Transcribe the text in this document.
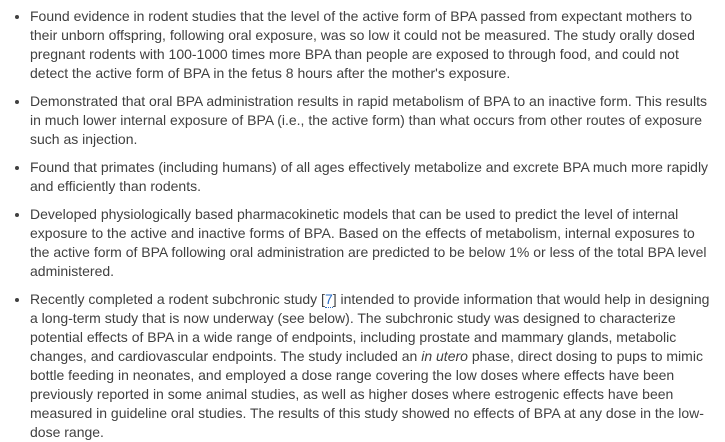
• Found evidence in rodent studies that the level of the active form of BPA passed from expectant mothers to their unborn offspring, following oral exposure, was so low it could not be measured. The study orally dosed pregnant rodents with 100-1000 times more BPA than people are exposed to through food, and could not detect the active form of BPA in the fetus 8 hours after the mother's exposure.
• Demonstrated that oral BPA administration results in rapid metabolism of BPA to an inactive form. This results in much lower internal exposure of BPA (i.e., the active form) than what occurs from other routes of exposure such as injection.
• Found that primates (including humans) of all ages effectively metabolize and excrete BPA much more rapidly and efficiently than rodents.
• Developed physiologically based pharmacokinetic models that can be used to predict the level of internal exposure to the active and inactive forms of BPA. Based on the effects of metabolism, internal exposures to the active form of BPA following oral administration are predicted to be below 1% or less of the total BPA level administered.
• Recently completed a rodent subchronic study [7] intended to provide information that would help in designing a long-term study that is now underway (see below). The subchronic study was designed to characterize potential effects of BPA in a wide range of endpoints, including prostate and mammary glands, metabolic changes, and cardiovascular endpoints. The study included an in utero phase, direct dosing to pups to mimic bottle feeding in neonates, and employed a dose range covering the low doses where effects have been previously reported in some animal studies, as well as higher doses where estrogenic effects have been measured in guideline oral studies. The results of this study showed no effects of BPA at any dose in the low-dose range.
